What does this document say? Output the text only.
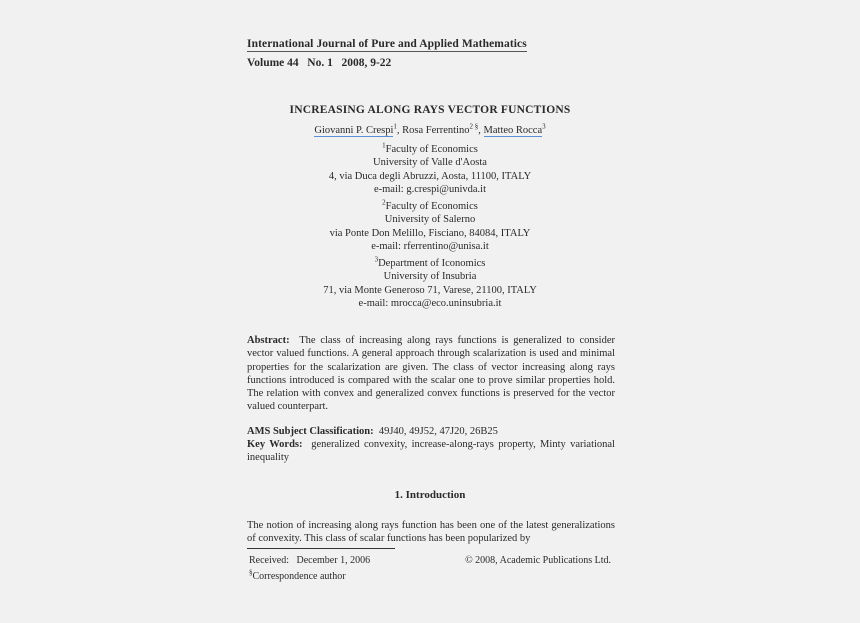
International Journal of Pure and Applied Mathematics
Volume 44   No. 1   2008, 9-22
INCREASING ALONG RAYS VECTOR FUNCTIONS
Giovanni P. Crespi$^1$, Rosa Ferrentino$^{2 \S}$, Matteo Rocca$^3$
$^1$Faculty of Economics
University of Valle d'Aosta
4, via Duca degli Abruzzi, Aosta, 11100, ITALY
e-mail: g.crespi@univda.it
$^2$Faculty of Economics
University of Salerno
via Ponte Don Melillo, Fisciano, 84084, ITALY
e-mail: rferrentino@unisa.it
$^3$Department of Iconomics
University of Insubria
71, via Monte Generoso 71, Varese, 21100, ITALY
e-mail: mrocca@eco.uninsubria.it
Abstract: The class of increasing along rays functions is generalized to consider vector valued functions. A general approach through scalarization is used and minimal properties for the scalarization are given. The class of vector increasing along rays functions introduced is compared with the scalar one to prove similar properties hold. The relation with convex and generalized convex functions is preserved for the vector valued counterpart.
AMS Subject Classification: 49J40, 49J52, 47J20, 26B25
Key Words: generalized convexity, increase-along-rays property, Minty variational inequality
1. Introduction
The notion of increasing along rays function has been one of the latest generalizations of convexity. This class of scalar functions has been popularized by
Received:   December 1, 2006	© 2008, Academic Publications Ltd.
§Correspondence author
